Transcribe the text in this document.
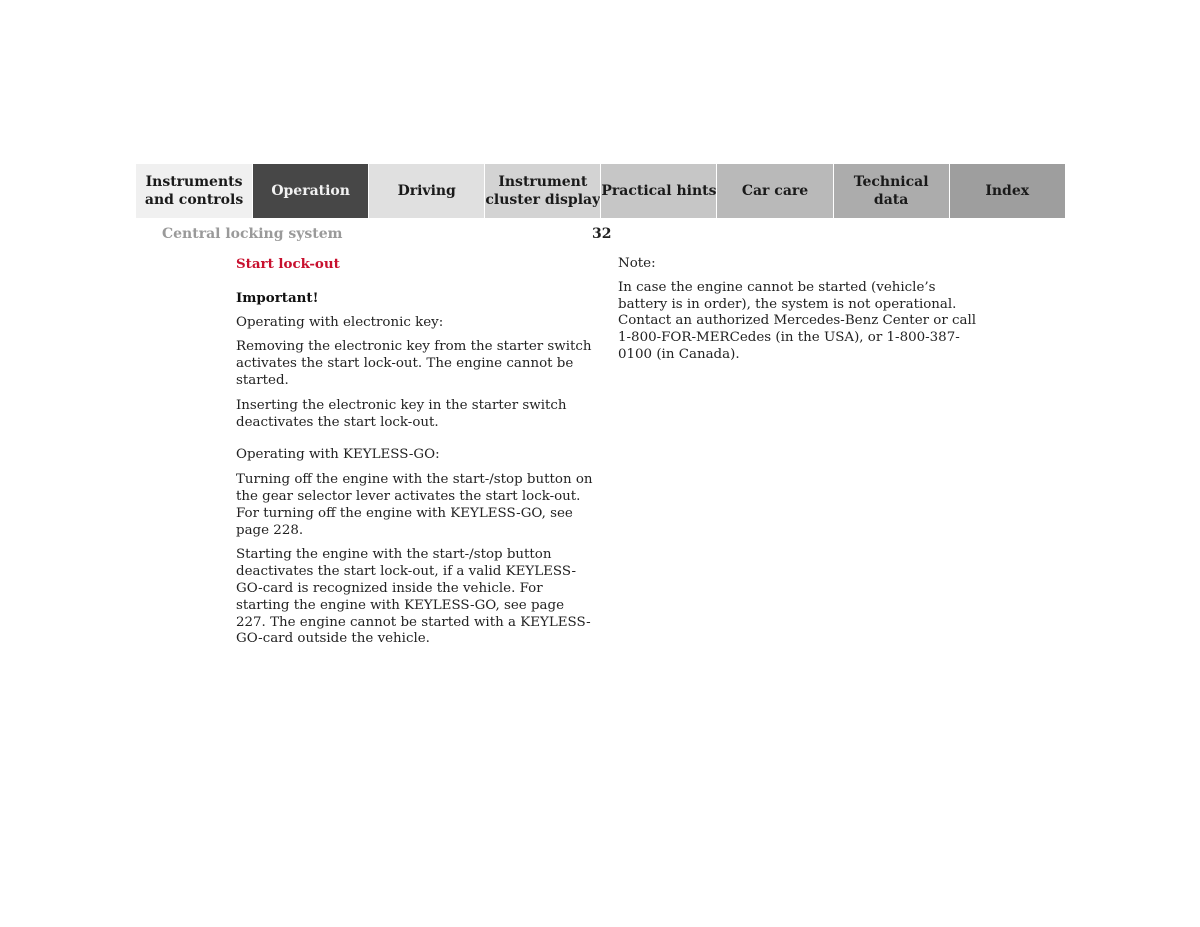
Instruments
and controls
Operation	Driving
Instrument
cluster display
Practical hints	Car care
Technical
data
Index
Central locking system	32

Start lock-out

Important!

Operating with electronic key:

Removing the electronic key from the starter switch activates the start lock-out. The engine cannot be started.

Inserting the electronic key in the starter switch deactivates the start lock-out.

Operating with KEYLESS-GO:

Turning off the engine with the start-/stop button on the gear selector lever activates the start lock-out. For turning off the engine with KEYLESS-GO, see page 228.

Starting the engine with the start-/stop button deactivates the start lock-out, if a valid KEYLESS-GO-card is recognized inside the vehicle. For starting the engine with KEYLESS-GO, see page 227. The engine cannot be started with a KEYLESS-GO-card outside the vehicle.

Note:

In case the engine cannot be started (vehicle’s battery is in order), the system is not operational. Contact an authorized Mercedes-Benz Center or call 1-800-FOR-MERCedes (in the USA), or 1-800-387-0100 (in Canada).
